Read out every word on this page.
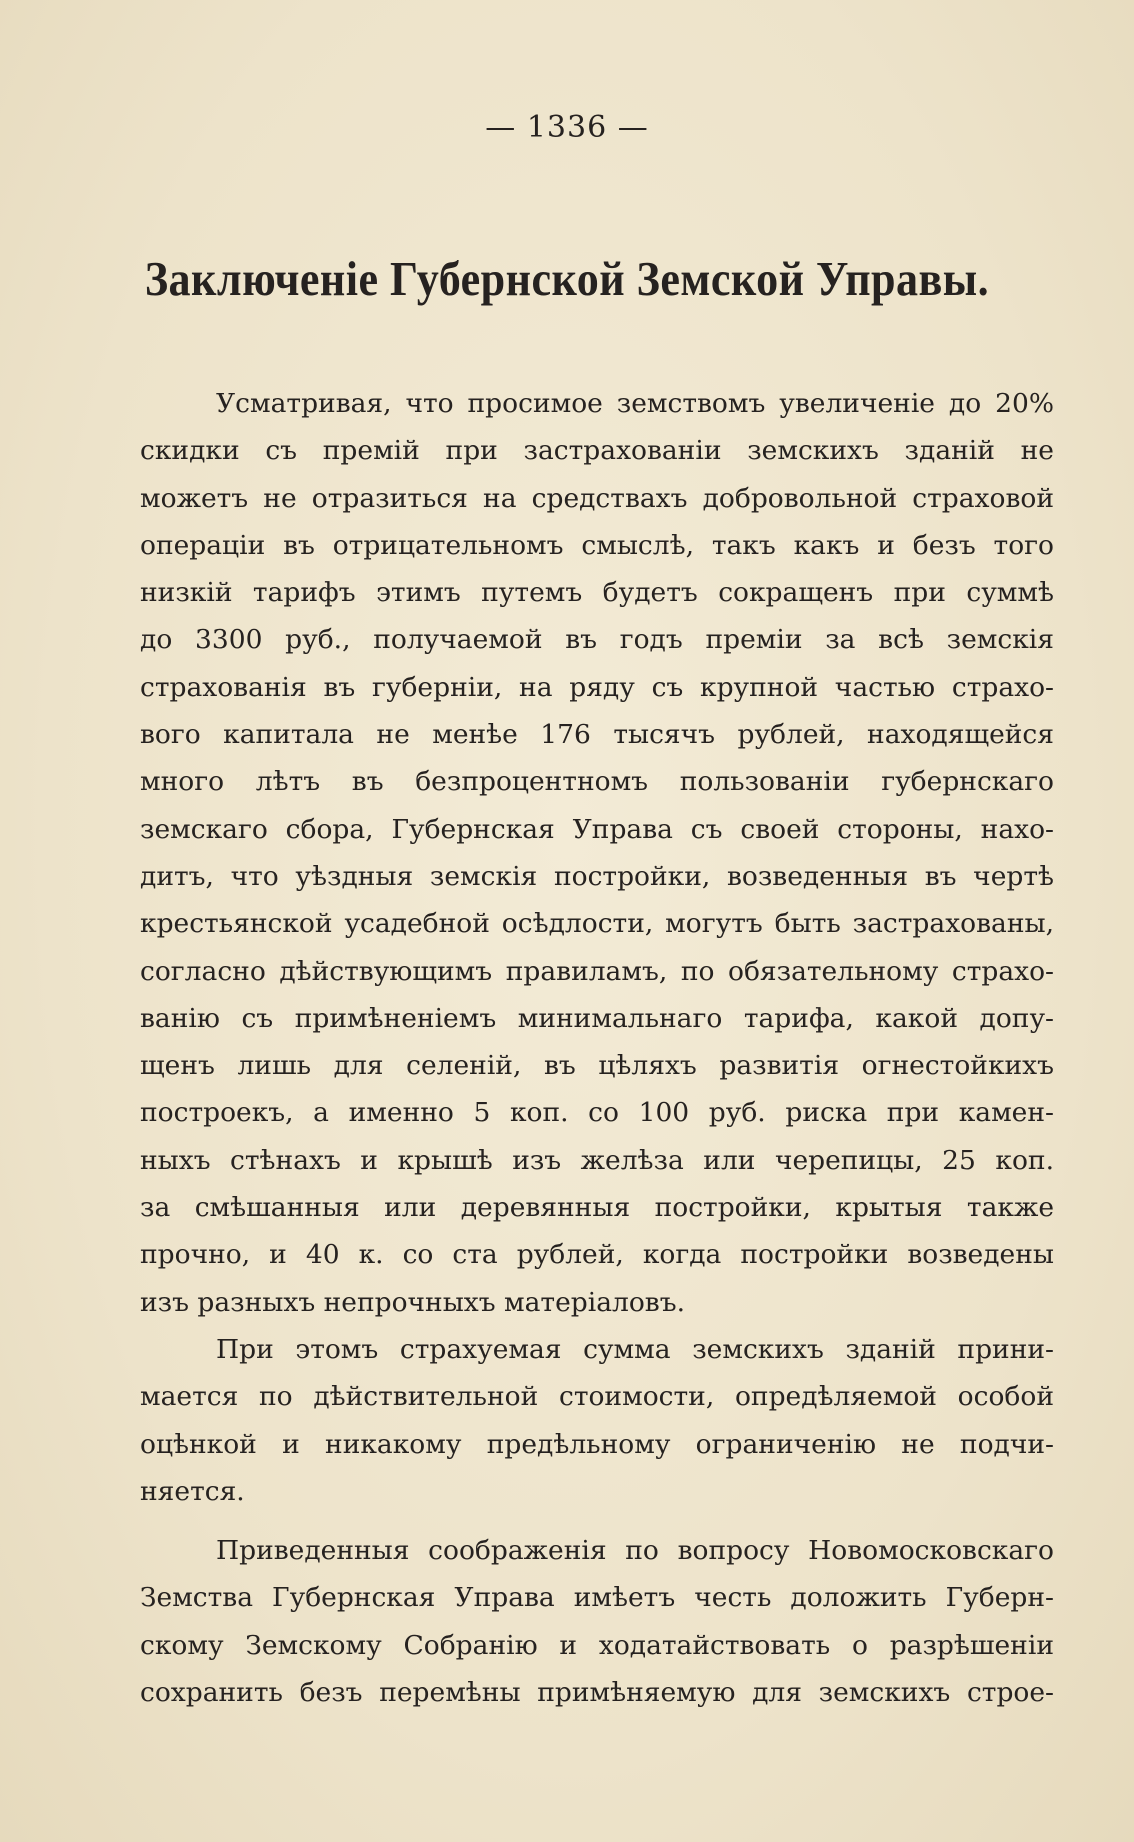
— 1336 —
Заключеніе Губернской Земской Управы.
Усматривая, что просимое земствомъ увеличеніе до 20%
скидки съ премій при застрахованіи земскихъ зданій не
можетъ не отразиться на средствахъ добровольной страховой
операціи въ отрицательномъ смыслѣ, такъ какъ и безъ того
низкій тарифъ этимъ путемъ будетъ сокращенъ при суммѣ
до 3300 руб., получаемой въ годъ преміи за всѣ земскія
страхованія въ губерніи, на ряду съ крупной частью страхо-
вого капитала не менѣе 176 тысячъ рублей, находящейся
много лѣтъ въ безпроцентномъ пользованіи губернскаго
земскаго сбора, Губернская Управа съ своей стороны, нахо-
дитъ, что уѣздныя земскія постройки, возведенныя въ чертѣ
крестьянской усадебной осѣдлости, могутъ быть застрахованы,
согласно дѣйствующимъ правиламъ, по обязательному страхо-
ванію съ примѣненіемъ минимальнаго тарифа, какой допу-
щенъ лишь для селеній, въ цѣляхъ развитія огнестойкихъ
построекъ, а именно 5 коп. со 100 руб. риска при камен-
ныхъ стѣнахъ и крышѣ изъ желѣза или черепицы, 25 коп.
за смѣшанныя или деревянныя постройки, крытыя также
прочно, и 40 к. со ста рублей, когда постройки возведены
изъ разныхъ непрочныхъ матеріаловъ.
При этомъ страхуемая сумма земскихъ зданій прини-
мается по дѣйствительной стоимости, опредѣляемой особой
оцѣнкой и никакому предѣльному ограниченію не подчи-
няется.
Приведенныя соображенія по вопросу Новомосковскаго
Земства Губернская Управа имѣетъ честь доложить Губерн-
скому Земскому Собранію и ходатайствовать о разрѣшеніи
сохранить безъ перемѣны примѣняемую для земскихъ строе-
